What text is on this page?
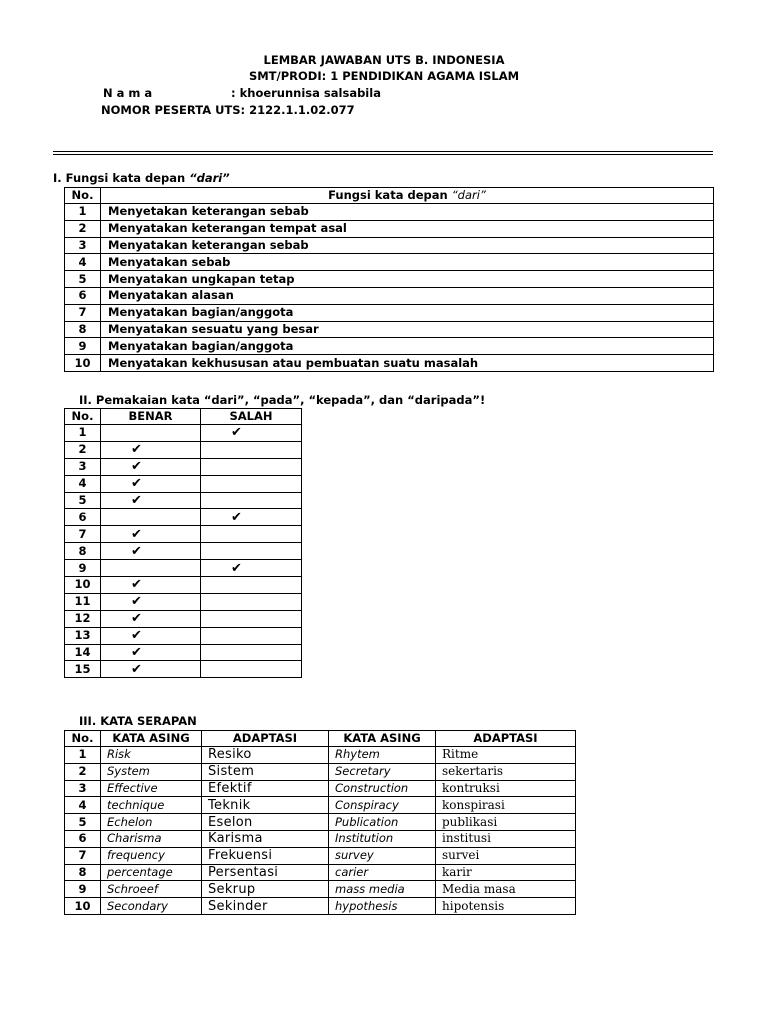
LEMBAR JAWABAN UTS B. INDONESIA
SMT/PRODI: 1 PENDIDIKAN AGAMA ISLAM
N a m a	: khoerunnisa salsabila
NOMOR PESERTA UTS: 2122.1.1.02.077
I. Fungsi kata depan “dari”
No.	Fungsi kata depan “dari”
1	Menyetakan keterangan sebab
2	Menyatakan keterangan tempat asal
3	Menyatakan keterangan sebab
4	Menyatakan sebab
5	Menyatakan ungkapan tetap
6	Menyatakan alasan
7	Menyatakan bagian/anggota
8	Menyatakan sesuatu yang besar
9	Menyatakan bagian/anggota
10	Menyatakan kekhususan atau pembuatan suatu masalah
II. Pemakaian kata “dari”, “pada”, “kepada”, dan “daripada”!
No.	BENAR	SALAH
1		✔
2	✔	
3	✔	
4	✔	
5	✔	
6		✔
7	✔	
8	✔	
9		✔
10	✔	
11	✔	
12	✔	
13	✔	
14	✔	
15	✔	
III. KATA SERAPAN
No.	KATA ASING	ADAPTASI	KATA ASING	ADAPTASI
1	Risk	Resiko	Rhytem	Ritme
2	System	Sistem	Secretary	sekertaris
3	Effective	Efektif	Construction	kontruksi
4	technique	Teknik	Conspiracy	konspirasi
5	Echelon	Eselon	Publication	publikasi
6	Charisma	Karisma	Institution	institusi
7	frequency	Frekuensi	survey	survei
8	percentage	Persentasi	carier	karir
9	Schroeef	Sekrup	mass media	Media masa
10	Secondary	Sekinder	hypothesis	hipotensis
